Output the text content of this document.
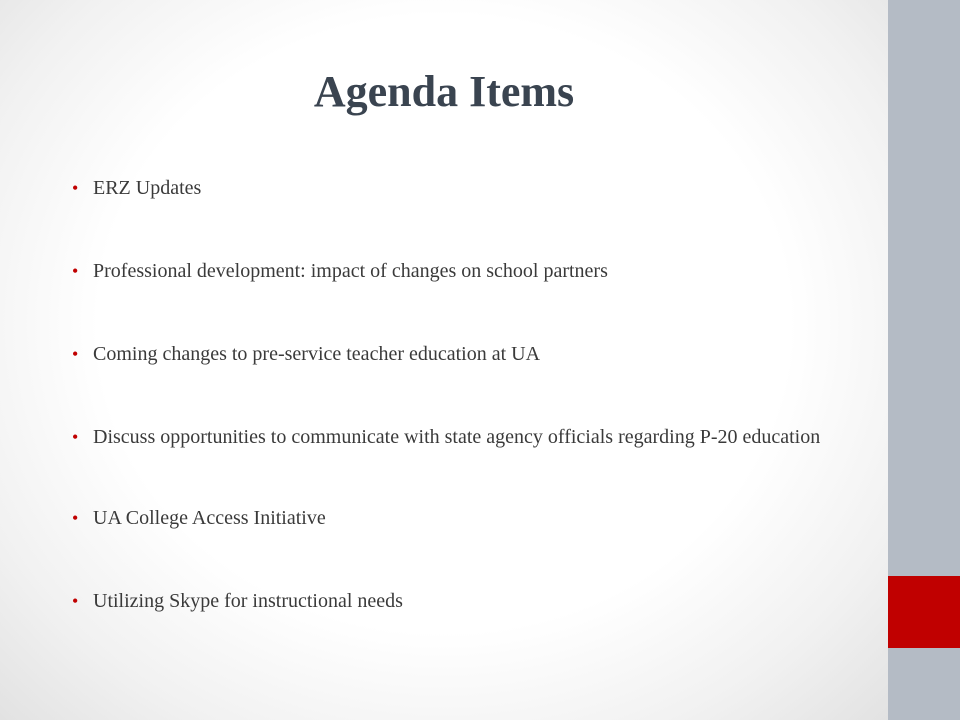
Agenda Items
• ERZ Updates
• Professional development: impact of changes on school partners
• Coming changes to pre-service teacher education at UA
• Discuss opportunities to communicate with state agency officials regarding P-20 education
• UA College Access Initiative
• Utilizing Skype for instructional needs
